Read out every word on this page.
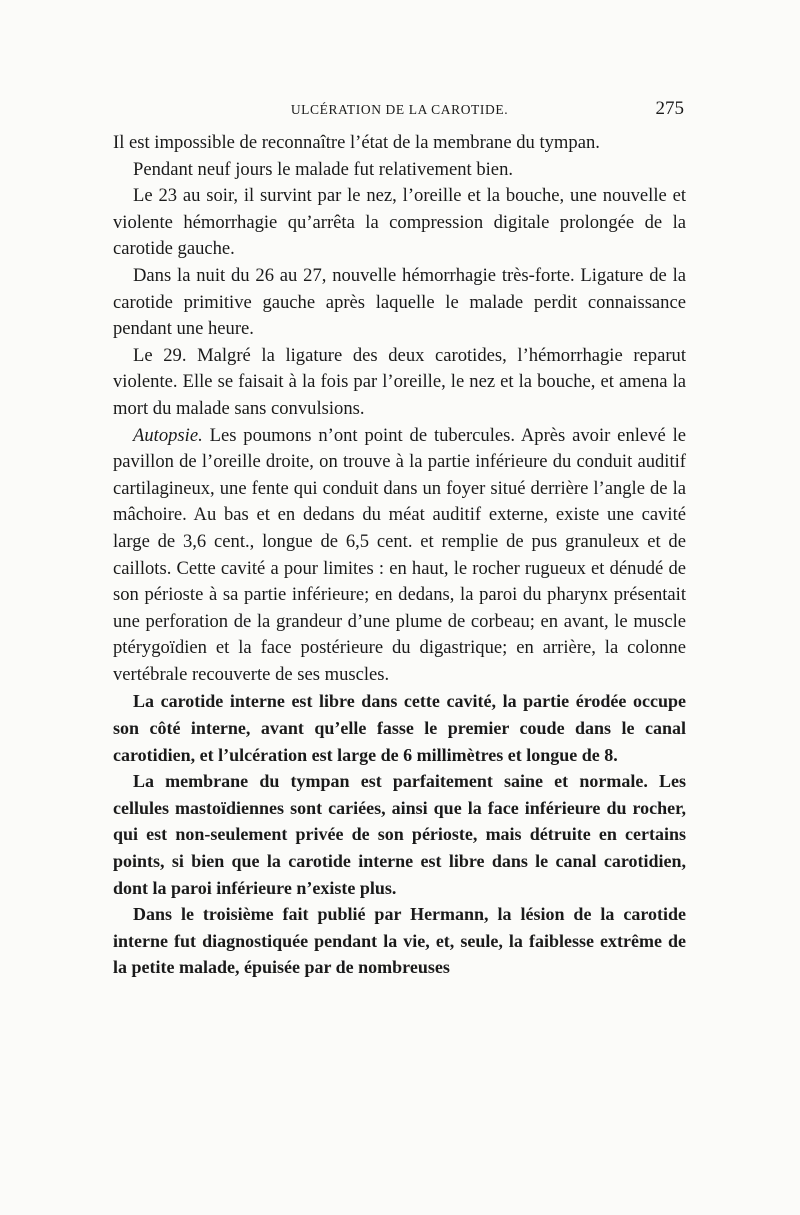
ULCÉRATION DE LA CAROTIDE.	275

Il est impossible de reconnaître l’état de la membrane du tympan.

Pendant neuf jours le malade fut relativement bien.

Le 23 au soir, il survint par le nez, l’oreille et la bouche, une nouvelle et violente hémorrhagie qu’arrêta la compression digitale prolongée de la carotide gauche.

Dans la nuit du 26 au 27, nouvelle hémorrhagie très-forte. Ligature de la carotide primitive gauche après laquelle le malade perdit connaissance pendant une heure.

Le 29. Malgré la ligature des deux carotides, l’hémorrhagie reparut violente. Elle se faisait à la fois par l’oreille, le nez et la bouche, et amena la mort du malade sans convulsions.

Autopsie. Les poumons n’ont point de tubercules. Après avoir enlevé le pavillon de l’oreille droite, on trouve à la partie inférieure du conduit auditif cartilagineux, une fente qui conduit dans un foyer situé derrière l’angle de la mâchoire. Au bas et en dedans du méat auditif externe, existe une cavité large de 3,6 cent., longue de 6,5 cent. et remplie de pus granuleux et de caillots. Cette cavité a pour limites : en haut, le rocher rugueux et dénudé de son périoste à sa partie inférieure; en dedans, la paroi du pharynx présentait une perforation de la grandeur d’une plume de corbeau; en avant, le muscle ptérygoïdien et la face postérieure du digastrique; en arrière, la colonne vertébrale recouverte de ses muscles.

La carotide interne est libre dans cette cavité, la partie érodée occupe son côté interne, avant qu’elle fasse le premier coude dans le canal carotidien, et l’ulcération est large de 6 millimètres et longue de 8.

La membrane du tympan est parfaitement saine et normale. Les cellules mastoïdiennes sont cariées, ainsi que la face inférieure du rocher, qui est non-seulement privée de son périoste, mais détruite en certains points, si bien que la carotide interne est libre dans le canal carotidien, dont la paroi inférieure n’existe plus.

Dans le troisième fait publié par Hermann, la lésion de la carotide interne fut diagnostiquée pendant la vie, et, seule, la faiblesse extrême de la petite malade, épuisée par de nombreuses
